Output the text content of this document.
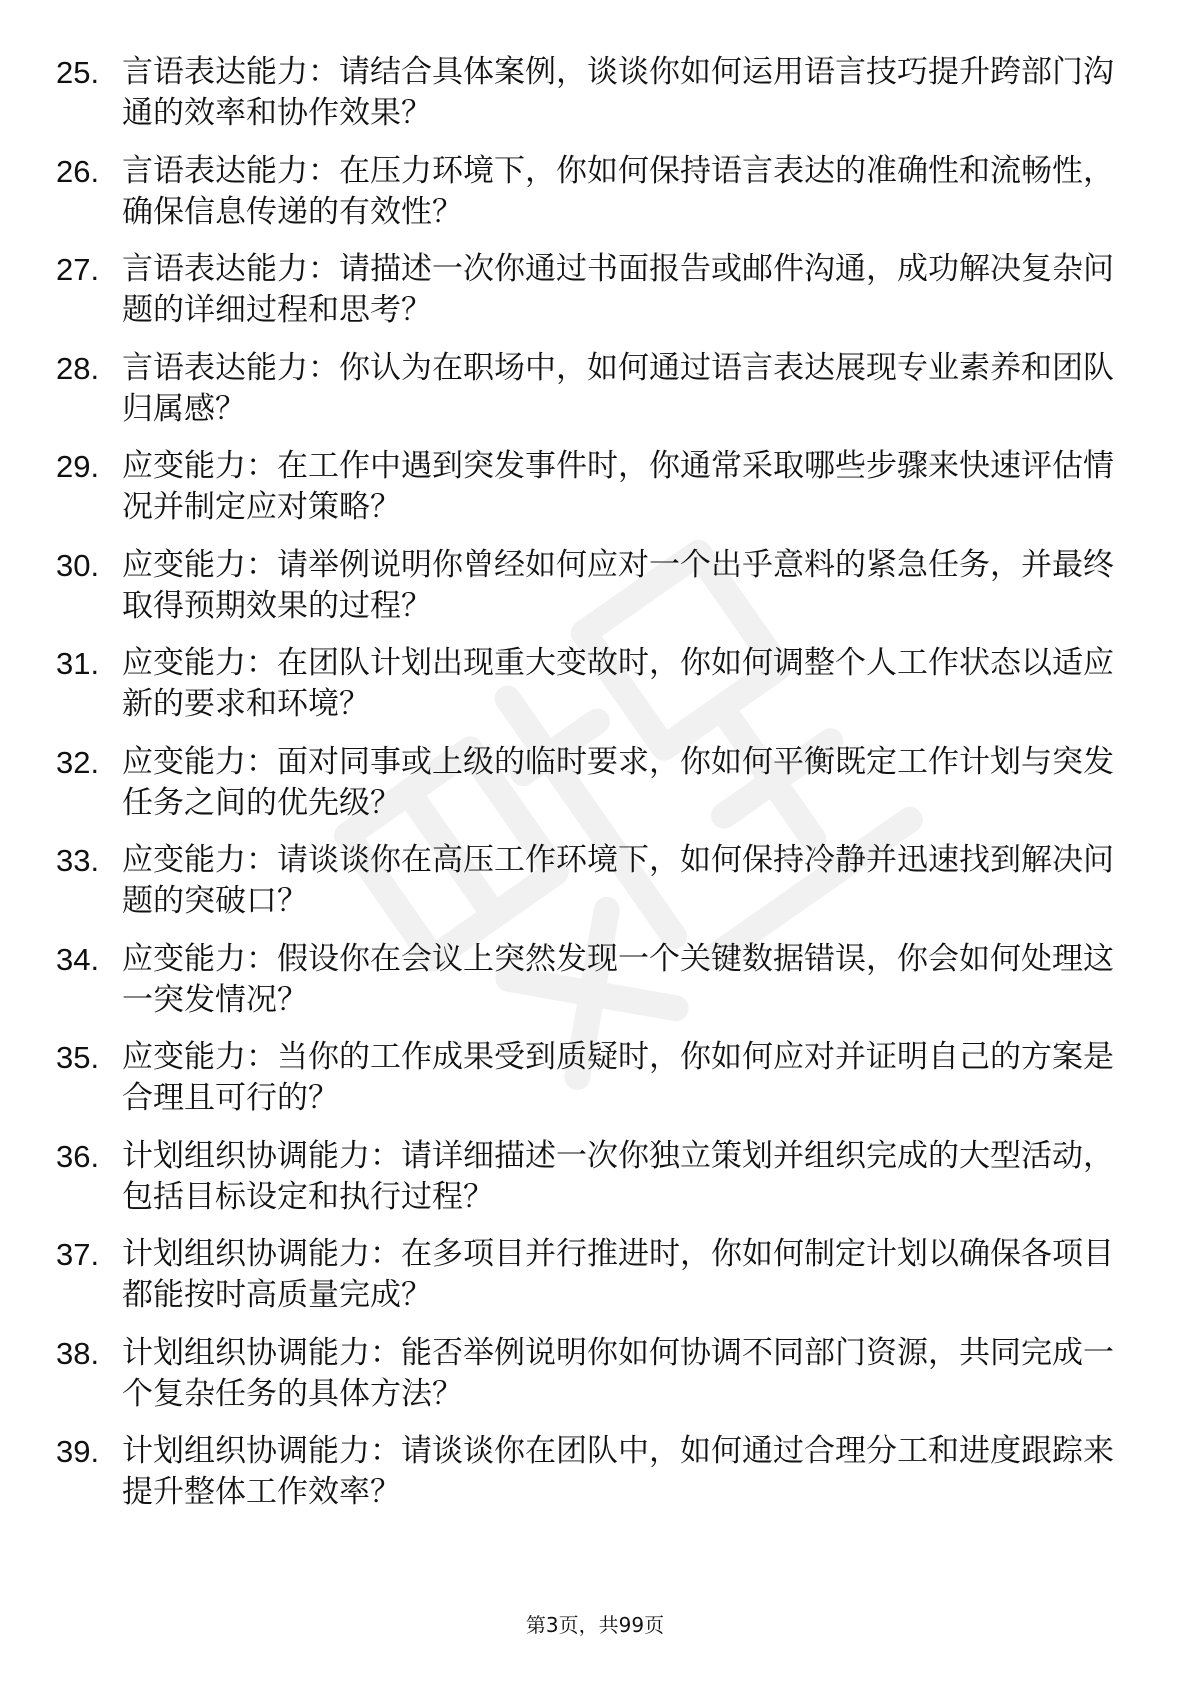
25. 言语表达能力：请结合具体案例，谈谈你如何运用语言技巧提升跨部门沟通的效率和协作效果？
26. 言语表达能力：在压力环境下，你如何保持语言表达的准确性和流畅性，确保信息传递的有效性？
27. 言语表达能力：请描述一次你通过书面报告或邮件沟通，成功解决复杂问题的详细过程和思考？
28. 言语表达能力：你认为在职场中，如何通过语言表达展现专业素养和团队归属感？
29. 应变能力：在工作中遇到突发事件时，你通常采取哪些步骤来快速评估情况并制定应对策略？
30. 应变能力：请举例说明你曾经如何应对一个出乎意料的紧急任务，并最终取得预期效果的过程？
31. 应变能力：在团队计划出现重大变故时，你如何调整个人工作状态以适应新的要求和环境？
32. 应变能力：面对同事或上级的临时要求，你如何平衡既定工作计划与突发任务之间的优先级？
33. 应变能力：请谈谈你在高压工作环境下，如何保持冷静并迅速找到解决问题的突破口？
34. 应变能力：假设你在会议上突然发现一个关键数据错误，你会如何处理这一突发情况？
35. 应变能力：当你的工作成果受到质疑时，你如何应对并证明自己的方案是合理且可行的？
36. 计划组织协调能力：请详细描述一次你独立策划并组织完成的大型活动，包括目标设定和执行过程？
37. 计划组织协调能力：在多项目并行推进时，你如何制定计划以确保各项目都能按时高质量完成？
38. 计划组织协调能力：能否举例说明你如何协调不同部门资源，共同完成一个复杂任务的具体方法？
39. 计划组织协调能力：请谈谈你在团队中，如何通过合理分工和进度跟踪来提升整体工作效率？
第3页，共99页
